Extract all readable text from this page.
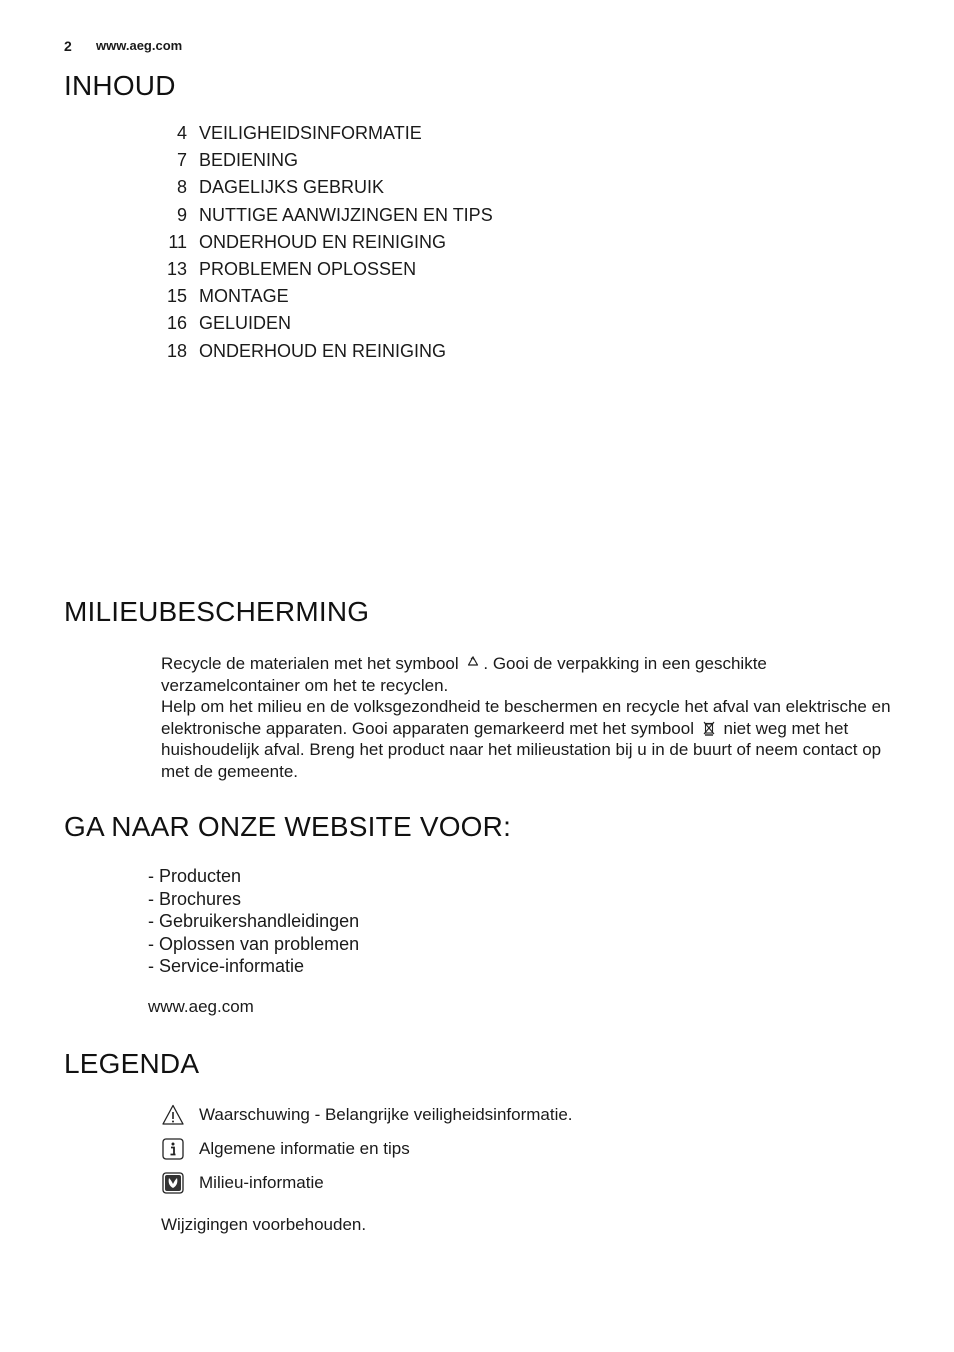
2 www.aeg.com
INHOUD
4 VEILIGHEIDSINFORMATIE
7 BEDIENING
8 DAGELIJKS GEBRUIK
9 NUTTIGE AANWIJZINGEN EN TIPS
11 ONDERHOUD EN REINIGING
13 PROBLEMEN OPLOSSEN
15 MONTAGE
16 GELUIDEN
18 ONDERHOUD EN REINIGING
MILIEUBESCHERMING

Recycle de materialen met het symbool . Gooi de verpakking in een geschikte verzamelcontainer om het te recyclen.

Help om het milieu en de volksgezondheid te beschermen en recycle het afval van elektrische en elektronische apparaten. Gooi apparaten gemarkeerd met het symbool niet weg met het huishoudelijk afval. Breng het product naar het milieustation bij u in de buurt of neem contact op met de gemeente.

GA NAAR ONZE WEBSITE VOOR:

- Producten

- Brochures

- Gebruikershandleidingen

- Oplossen van problemen

- Service-informatie

www.aeg.com
LEGENDA
Waarschuwing - Belangrijke veiligheidsinformatie.
Algemene informatie en tips
Milieu-informatie
Wijzigingen voorbehouden.
